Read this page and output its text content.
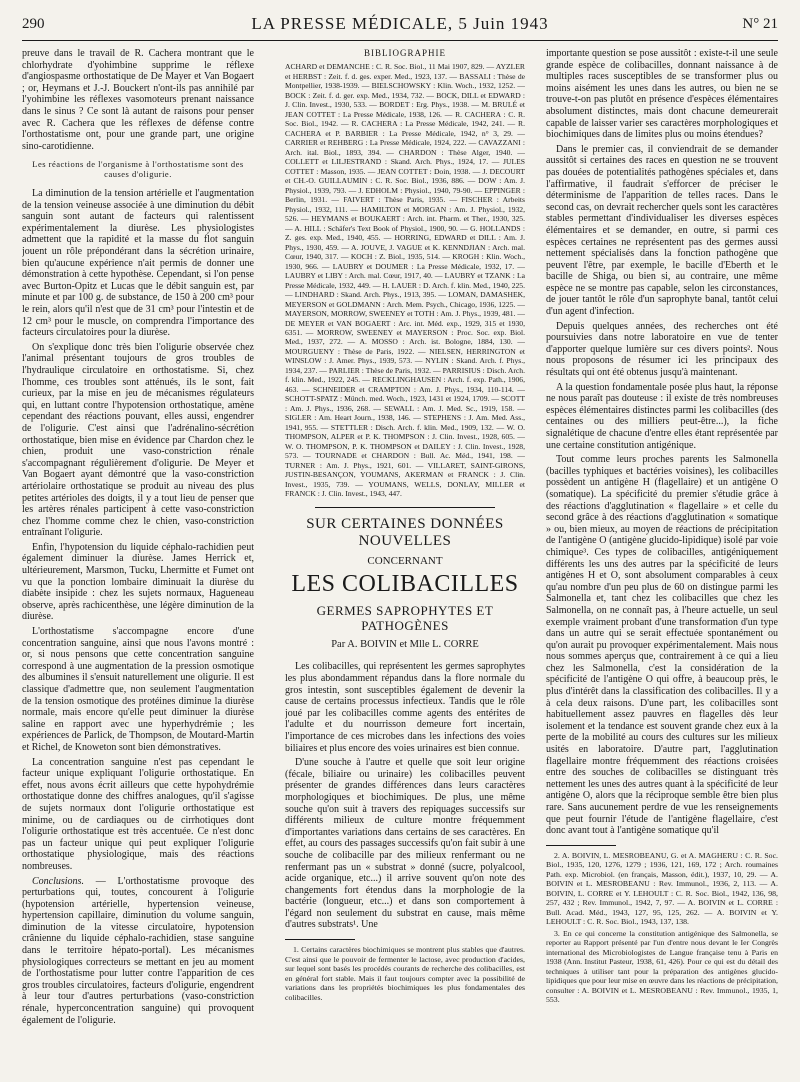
290	LA PRESSE MÉDICALE, 5 Juin 1943	N° 21

preuve dans le travail de R. Cachera montrant que le chlorhydrate d'yohimbine supprime le réflexe d'angiospasme orthostatique de De Mayer et Van Bogaert ; or, Heymans et J.-J. Bouckert n'ont-ils pas annihilé par l'yohimbine les réflexes vasomoteurs prenant naissance dans le sinus ? Ce sont là autant de raisons pour penser avec R. Cachera que les réflexes de défense contre l'orthostatisme ont, pour une grande part, une origine sino-carotidienne.

Les réactions de l'organisme à l'orthostatisme sont des causes d'oligurie.

La diminution de la tension artérielle et l'augmentation de la tension veineuse associée à une diminution du débit sanguin sont autant de facteurs qui ralentissent expérimentalement la diurèse. Les physiologistes admettent que la rapidité et la masse du flot sanguin jouent un rôle prépondérant dans la sécrétion urinaire, bien qu'aucune expérience n'ait permis de donner une démonstration à cette hypothèse. Cependant, si l'on pense avec Burton-Opitz et Lucas que le débit sanguin est, par minute et par 100 g. de substance, de 150 à 200 cm³ pour le rein, alors qu'il n'est que de 31 cm³ pour l'intestin et de 12 cm³ pour le muscle, on comprendra l'importance des facteurs circulatoires pour la diurèse.

On s'explique donc très bien l'oligurie observée chez l'animal présentant toujours de gros troubles de l'hydraulique circulatoire en orthostatisme. Si, chez l'homme, ces troubles sont atténués, ils le sont, fait curieux, par la mise en jeu de mécanismes régulateurs qui, en luttant contre l'hypotension orthostatique, amène cependant des réactions pouvant, elles aussi, engendrer de l'oligurie. C'est ainsi que l'adrénalino-sécrétion orthostatique, bien mise en évidence par Chardon chez le chien, produit une vaso-constriction rénale s'accompagnant régulièrement d'oligurie. De Meyer et Van Bogaert ayant démontré que la vaso-constriction artériolaire orthostatique se produit au niveau des plus petites artérioles des doigts, il y a tout lieu de penser que les artères rénales participent à cette vaso-constriction chez l'homme comme chez le chien, vaso-constriction entraînant l'oligurie.

Enfin, l'hypotension du liquide céphalo-rachidien peut également diminuer la diurèse. James Herrick et, ultérieurement, Marsmon, Tucku, Lhermitte et Fumet ont vu que la ponction lombaire diminuait la diurèse du diabète insipide : chez les sujets normaux, Hagueneau observe, après rachicenthèse, une légère diminution de la diurèse.

L'orthostatisme s'accompagne encore d'une concentration sanguine, ainsi que nous l'avons montré : or, si nous pensons que cette concentration sanguine correspond à une augmentation de la pression osmotique des albumines il s'ensuit naturellement une oligurie. Il est classique d'admettre que, non seulement l'augmentation de la tension osmotique des protéines diminue la diurèse normale, mais encore qu'elle peut diminuer la diurèse saline en rapport avec une hyperhydrémie ; les expériences de Parlick, de Thompson, de Moutard-Martin et Richel, de Knoweton sont bien démonstratives.

La concentration sanguine n'est pas cependant le facteur unique expliquant l'oligurie orthostatique. En effet, nous avons écrit ailleurs que cette hypohydrémie orthostatique donne des chiffres analogues, qu'il s'agisse de sujets normaux dont l'oligurie orthostatique est minime, ou de cardiaques ou de cirrhotiques dont l'oligurie orthostatique est très accentuée. Ce n'est donc pas un facteur unique qui peut expliquer l'oligurie orthostatique physiologique, mais des réactions nombreuses.

Conclusions. — L'orthostatisme provoque des perturbations qui, toutes, concourent à l'oligurie (hypotension artérielle, hypertension veineuse, hypertension capillaire, diminution du volume sanguin, diminution de la vitesse circulatoire, hypotension crânienne du liquide céphalo-rachidien, stase sanguine dans le territoire hépato-portal). Les mécanismes physiologiques correcteurs se mettant en jeu au moment de l'orthostatisme pour lutter contre l'apparition de ces gros troubles circulatoires, facteurs d'oligurie, engendrent à leur tour d'autres perturbations (vaso-constriction rénale, hyperconcentration sanguine) qui provoquent également de l'oligurie.

BIBLIOGRAPHIE
ACHARD et DEMANCHE : C. R. Soc. Biol., 11 Mai 1907, 829. — AYZLER et HERBST : Zeit. f. d. ges. exper. Med., 1923, 137. — BASSALI : Thèse de Montpellier, 1938-1939. — BIELSCHOWSKY : Klin. Woch., 1932, 1252. — BOCK : Zeit. f. d. ger. exp. Med., 1934, 732. — BOCK, DILL et EDWARD : J. Clin. Invest., 1930, 533. — BORDET : Erg. Phys., 1938. — M. BRULÉ et JEAN COTTET : La Presse Médicale, 1938, 126. — R. CACHERA : C. R. Soc. Biol., 1942. — R. CACHERA : La Presse Médicale, 1942, 241. — R. CACHERA et P. BARBIER : La Presse Médicale, 1942, n° 3, 29. — CARRIER et REHBERG : La Presse Médicale, 1924, 222. — CAVAZZANI : Arch. ital. Biol., 1893, 394. — CHARDON : Thèse Alger, 1940. — COLLETT et LILJESTRAND : Skand. Arch. Phys., 1924, 17. — JULES COTTET : Masson, 1935. — JEAN COTTET : Doin, 1938. — J. DECOURT et CH.-O. GUILLAUMIN : C. R. Soc. Biol., 1936, 886. — DOW : Am. J. Physiol., 1939, 793. — J. EDHOLM : Physiol., 1940, 79-90. — EPPINGER : Berlin, 1931. — FAIVERT : Thèse Paris, 1935. — FISCHER : Arbeits Physiol., 1932, 111. — HAMILTON et MORGAN : Am. J. Physiol., 1932, 526. — HEYMANS et BOUKAERT : Arch. int. Pharm. et Ther., 1930, 325. — A. HILL : Schäfer's Text Book of Physiol., 1900, 90. — G. HOLLANDS : Z. ges. exp. Med., 1940, 455. — HORRING, EDWARD et DILL : Am. J. Phys., 1930, 459. — A. JOUVE, J. VAGUE et K. KENNDJIAN : Arch. mal. Cœur, 1940, 317. — KOCH : Z. Biol., 1935, 514. — KROGH : Klin. Woch., 1930, 966. — LAUBRY et DOUMER : La Presse Médicale, 1932, 17. — LAUBRY et LIBY : Arch. mal. Cœur, 1917, 40. — LAUBRY et TZANK : La Presse Médicale, 1932, 449. — H. LAUER : D. Arch. f. klin. Med., 1940, 225. — LINDHARD : Skand. Arch. Phys., 1913, 395. — LOMAN, DAMASHEK, MEYERSON et GOLDMANN : Arch. Mem. Psych., Chicago, 1936, 1225. — MAYERSON, MORROW, SWEENEY et TOTH : Am. J. Phys., 1939, 481. — DE MEYER et VAN BOGAERT : Arc. int. Méd. exp., 1929, 315 et 1930, 6351. — MORROW, SWEENEY et MAYERSON : Proc. Soc. exp. Biol. Med., 1937, 272. — A. MOSSO : Arch. ist. Bologne, 1884, 130. — MOURGUENY : Thèse de Paris, 1922. — NIELSEN, HERRINGTON et WINSLOW : J. Amer. Phys., 1939, 573. — NYLIN : Skand. Arch. f. Phys., 1934, 237. — PARLIER : Thèse de Paris, 1932. — PARRISIUS : Disch. Arch. f. klin. Med., 1922, 245. — RECKLINGHAUSEN : Arch. f. exp. Path., 1906, 463. — SCHNEIDER et CRAMPTON : Am. J. Phys., 1934, 110-114. — SCHOTT-SPATZ : Münch. med. Woch., 1923, 1431 et 1924, 1709. — SCOTT : Am. J. Phys., 1936, 268. — SEWALL : Am. J. Med. Sc., 1919, 158. — SIGLER : Am. Heart Journ., 1938, 146. — STEPHENS : J. Am. Med. Ass., 1941, 955. — STETTLER : Disch. Arch. f. klin. Med., 1909, 132. — W. O. THOMPSON, ALPER et P. K. THOMPSON : J. Clin. Invest., 1928, 605. — W. O. THOMPSON, P. K. THOMPSON et DAILEY : J. Clin. Invest., 1928, 573. — TOURNADE et CHARDON : Bull. Ac. Méd., 1941, 198. — TURNER : Am. J. Phys., 1921, 601. — VILLARET, SAINT-GIRONS, JUSTIN-BESANÇON, YOUMANS, AKERMAN et FRANCK : J. Clin. Invest., 1935, 739. — YOUMANS, WELLS, DONLAY, MILLER et FRANCK : J. Clin. Invest., 1943, 447.
SUR CERTAINES DONNÉES NOUVELLES
CONCERNANT
LES COLIBACILLES
GERMES SAPROPHYTES ET PATHOGÈNES
Par A. BOIVIN et Mlle L. CORRE

Les colibacilles, qui représentent les germes saprophytes les plus abondamment répandus dans la flore normale du gros intestin, sont susceptibles également de devenir la cause de certains processus infectieux. Tandis que le rôle joué par les colibacilles comme agents des entérites de l'adulte et du nourrisson demeure fort incertain, l'importance de ces microbes dans les infections des voies biliaires et plus encore des voies urinaires est bien connue.

D'une souche à l'autre et quelle que soit leur origine (fécale, biliaire ou urinaire) les colibacilles peuvent présenter de grandes différences dans leurs caractères morphologiques et biochimiques. De plus, une même souche qu'on suit à travers des repiquages successifs sur différents milieux de culture montre fréquemment d'importantes variations dans certains de ses caractères. En effet, au cours des passages successifs qu'on fait subir à une souche de colibacille par des milieux renfermant ou ne renfermant pas un « substrat » donné (sucre, polyalcool, acide organique, etc...) il arrive souvent qu'on note des changements fort étendus dans la morphologie de la bactérie (longueur, etc...) et dans son comportement à l'égard non seulement du substrat en cause, mais même d'autres substrats¹. Une

1. Certains caractères biochimiques se montrent plus stables que d'autres. C'est ainsi que le pouvoir de fermenter le lactose, avec production d'acides, sur lequel sont basés les procédés courants de recherche des colibacilles, est en général fort stable. Mais il faut toujours compter avec la possibilité de variations dans les propriétés biochimiques les plus fondamentales des colibacilles.

importante question se pose aussitôt : existe-t-il une seule grande espèce de colibacilles, donnant naissance à de multiples races susceptibles de se transformer plus ou moins aisément les unes dans les autres, ou bien ne se trouve-t-on pas plutôt en présence d'espèces élémentaires absolument distinctes, mais dont chacune demeurerait capable de laisser varier ses caractères morphologiques et biochimiques dans de limites plus ou moins étendues?

Dans le premier cas, il conviendrait de se demander aussitôt si certaines des races en question ne se trouvent pas douées de potentialités pathogènes spéciales et, dans l'affirmative, il faudrait s'efforcer de préciser le déterminisme de l'apparition de telles races. Dans le second cas, on devrait rechercher quels sont les caractères stables permettant d'individualiser les diverses espèces élémentaires et se demander, en outre, si parmi ces espèces certaines ne représentent pas des germes aussi nettement spécialisés dans la fonction pathogène que peuvent l'être, par exemple, le bacille d'Eberth et le bacille de Shiga, ou bien si, au contraire, une même espèce ne se montre pas capable, selon les circonstances, de jouer tantôt le rôle d'un saprophyte banal, tantôt celui d'un agent d'infection.

Depuis quelques années, des recherches ont été poursuivies dans notre laboratoire en vue de tenter d'apporter quelque lumière sur ces divers points². Nous nous proposons de résumer ici les principaux des résultats qui ont été obtenus jusqu'à maintenant.

A la question fondamentale posée plus haut, la réponse ne nous paraît pas douteuse : il existe de très nombreuses espèces élémentaires distinctes parmi les colibacilles (des centaines ou des milliers peut-être...), la fiche signalétique de chacune d'entre elles étant représentée par une certaine constitution antigénique.

Tout comme leurs proches parents les Salmonella (bacilles typhiques et bactéries voisines), les colibacilles possèdent un antigène H (flagellaire) et un antigène O (somatique). La spécificité du premier s'étudie grâce à des réactions d'agglutination « flagellaire » et celle du second grâce à des réactions d'agglutination « somatique » ou, bien mieux, au moyen de réactions de précipitation de l'antigène O (antigène glucido-lipidique) isolé par voie chimique³. Ces types de colibacilles, antigéniquement différents les uns des autres par la spécificité de leurs antigènes H et O, sont absolument comparables à ceux qu'au nombre d'un peu plus de 60 on distingue parmi les Salmonella et, tant chez les colibacilles que chez les Salmonella, on ne connaît pas, à l'heure actuelle, un seul exemple vraiment probant d'une transformation d'un type dans un autre qui se serait effectuée spontanément ou qu'on aurait pu provoquer expérimentalement. Mais nous nous sommes aperçus que, contrairement à ce qui a lieu chez les Salmonella, c'est la considération de la spécificité de l'antigène O qui offre, à beaucoup près, le plus d'intérêt dans la classification des colibacilles. Il y a à cela deux raisons. D'une part, les colibacilles sont habituellement assez pauvres en flagelles dès leur isolement et la tendance est souvent grande chez eux à la perte de la mobilité au cours des cultures sur les milieux usités en laboratoire. D'autre part, l'agglutination flagellaire montre fréquemment des réactions croisées entre des souches de colibacilles se distinguant très nettement les unes des autres quant à la spécificité de leur antigène O, alors que la réciproque semble être bien plus rare. Sans aucunement perdre de vue les renseignements que peut fournir l'étude de l'antigène flagellaire, c'est donc avant tout à l'antigène somatique qu'il

2. A. BOIVIN, L. MESROBEANU, G. et A. MAGHERU : C. R. Soc. Biol., 1935, 120, 1276, 1279 ; 1936, 121, 169, 172 ; Arch. roumaines Path. exp. Microbiol. (en français, Masson, édit.), 1937, 10, 29. — A. BOIVIN et L. MESROBEANU : Rev. Immunol., 1936, 2, 113. — A. BOIVIN, L. CORRE et Y. LEHOULT : C. R. Soc. Biol., 1942, 136, 98, 257, 432 ; Rev. Immunol., 1942, 7, 97. — A. BOIVIN et L. CORRE : Bull. Acad. Méd., 1943, 127, 95, 125, 262. — A. BOIVIN et Y. LEHOULT : C. R. Soc. Biol., 1943, 137, 138.

3. En ce qui concerne la constitution antigénique des Salmonella, se reporter au Rapport présenté par l'un d'entre nous devant le Ier Congrès international des Microbiologistes de Langue française tenu à Paris en 1938 (Ann. Institut Pasteur, 1938, 61, 426). Pour ce qui est du détail des techniques à utiliser tant pour la préparation des antigènes glucido-lipidiques que pour leur mise en œuvre dans les réactions de précipitation, consulter : A. BOIVIN et L. MESROBEANU : Rev. Immunol., 1935, 1, 553.
